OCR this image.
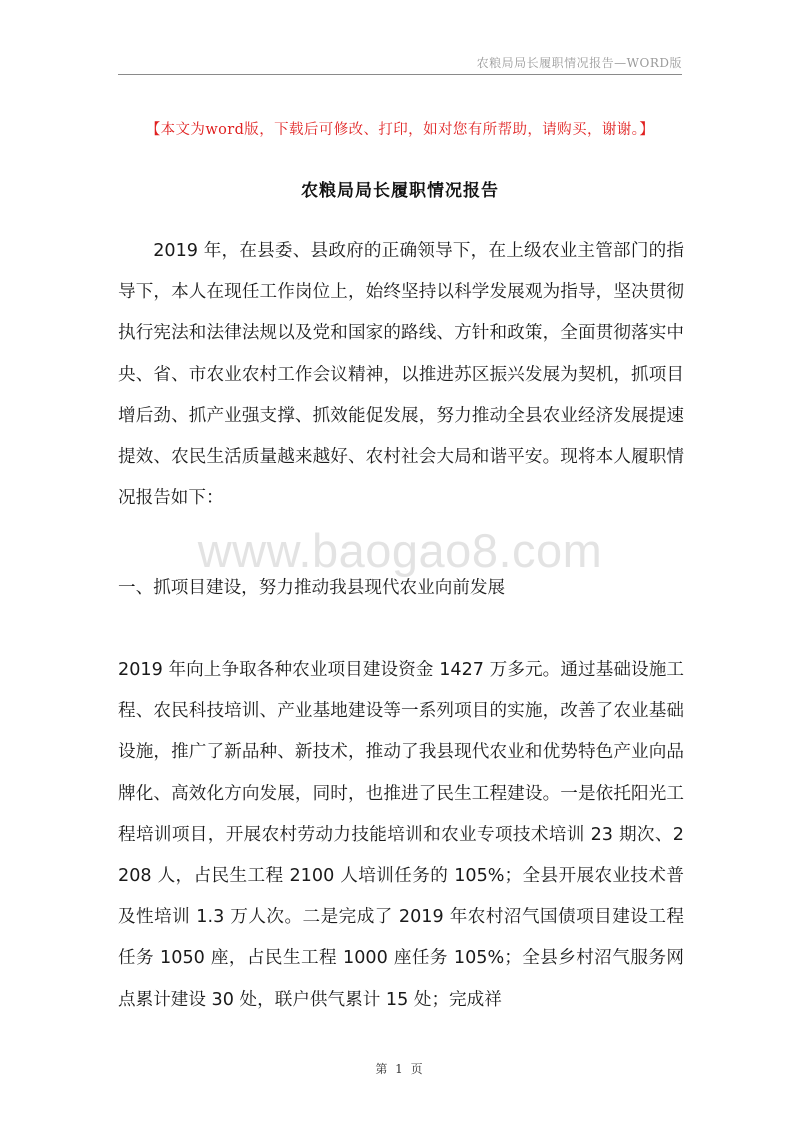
农粮局局长履职情况报告—WORD版
【本文为word版，下载后可修改、打印，如对您有所帮助，请购买，谢谢。】
农粮局局长履职情况报告

2019 年，在县委、县政府的正确领导下，在上级农业主管部门的指导下，本人在现任工作岗位上，始终坚持以科学发展观为指导，坚决贯彻执行宪法和法律法规以及党和国家的路线、方针和政策，全面贯彻落实中央、省、市农业农村工作会议精神，以推进苏区振兴发展为契机，抓项目增后劲、抓产业强支撑、抓效能促发展，努力推动全县农业经济发展提速提效、农民生活质量越来越好、农村社会大局和谐平安。现将本人履职情况报告如下：

www.baogao8.com
一、抓项目建设，努力推动我县现代农业向前发展

2019 年向上争取各种农业项目建设资金 1427 万多元。通过基础设施工程、农民科技培训、产业基地建设等一系列项目的实施，改善了农业基础设施，推广了新品种、新技术，推动了我县现代农业和优势特色产业向品牌化、高效化方向发展，同时，也推进了民生工程建设。一是依托阳光工程培训项目，开展农村劳动力技能培训和农业专项技术培训 23 期次、2208 人，占民生工程 2100 人培训任务的 105%；全县开展农业技术普及性培训 1.3 万人次。二是完成了 2019 年农村沼气国债项目建设工程任务 1050 座，占民生工程 1000 座任务 105%；全县乡村沼气服务网点累计建设 30 处，联户供气累计 15 处；完成祥

第 1 页
